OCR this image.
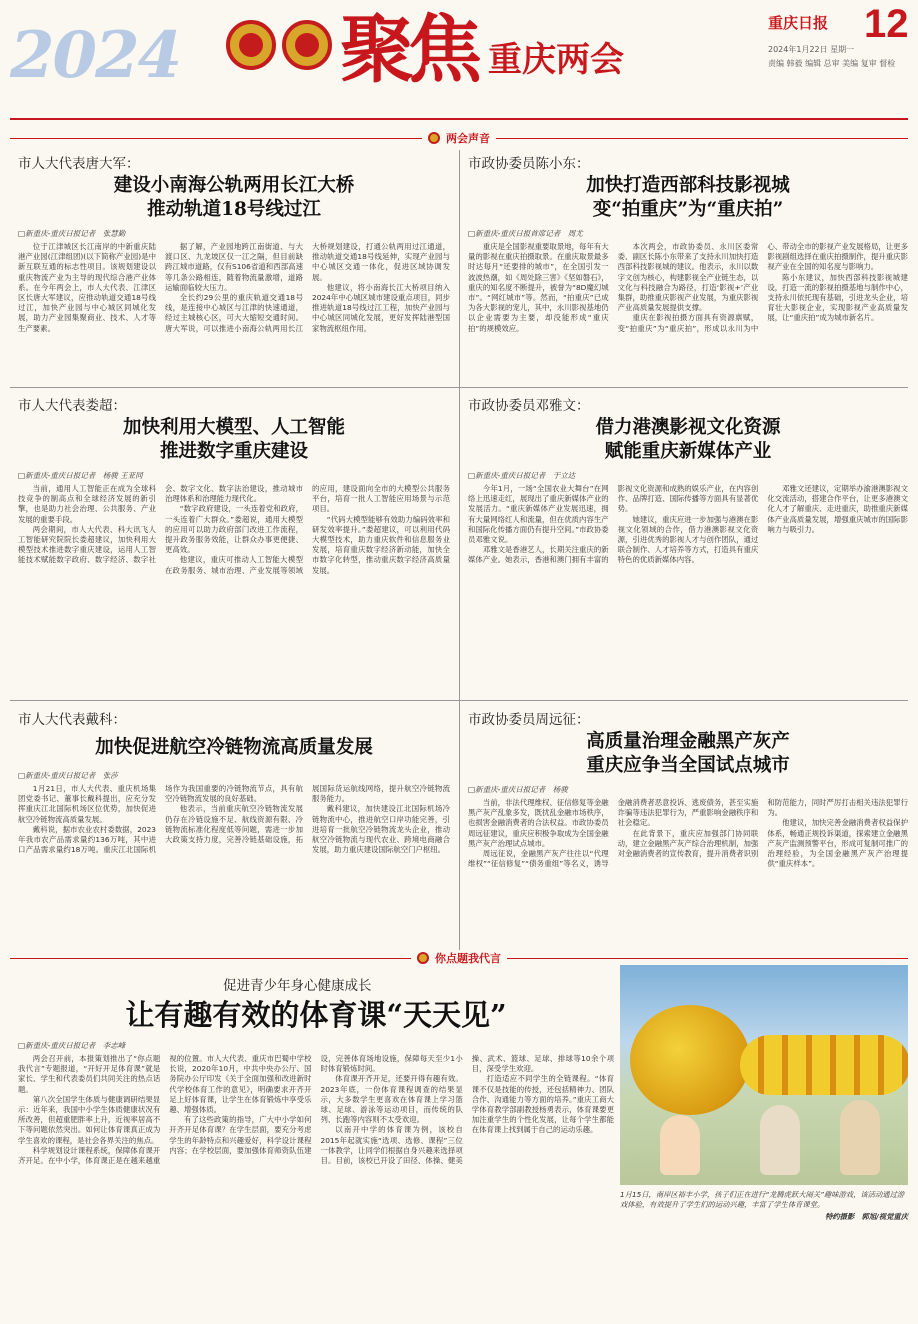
2024 聚焦 重庆两会
重庆日报 12
2024年1月22日 星期一
责编 韩毅 编辑 总审 美编 复审 督检
两会声音
市人大代表唐大军：
建设小南海公轨两用长江大桥
推动轨道18号线过江
□新重庆-重庆日报记者　张慧勤

位于江津城区长江南岸的中新重庆陆港产业园(江津组团)(以下简称产业园)是中新互联互通的标志性项目。该规划建设以重庆物流产业为主导的现代综合港产业体系。在今年两会上，市人大代表、江津区区长唐大军建议，应推动轨道交通18号线过江，加快产业园与中心城区同城化发展，助力产业园集聚商业、技术、人才等生产要素。

据了解，产业园地跨江南街道、与大渡口区、九龙坡区仅一江之隔，但目前缺跨江城市道路，仅有S106省道和西部高速等几条公路相连，随着物流量激增，道路运输面临较大压力。

全长约29公里的重庆轨道交通18号线，是连接中心城区与江津的快速通道，经过主城核心区，可大大缩短交通时间。唐大军说，可以推进小南海公轨两用长江大桥规划建设，打通公轨两用过江通道，推动轨道交通18号线延伸，实现产业园与中心城区交通一体化，促进区域协调发展。

他建议，将小南海长江大桥项目纳入2024年中心城区城市建设重点项目，同步推进轨道18号线过江工程，加快产业园与中心城区同城化发展，更好发挥陆港型国家物流枢纽作用。

市政协委员陈小东：
加快打造西部科技影视城
变“拍重庆”为“重庆拍”
□新重庆-重庆日报首席记者　周尤

重庆是全国影视重要取景地，每年有大量的影视在重庆拍摄取景。在重庆取景最多时达每月“还要排的城市”，在全国引发一波波热潮，如《周处除三害》《坚如磐石》，重庆的知名度不断提升，被誉为“8D魔幻城市”。“网红城市”等。然而，“拍重庆”已成为各大影视的宠儿，其中，永川影视基地仍以企业需要为主要，却没能形成“重庆拍”的规模效应。

本次两会，市政协委员、永川区委常委、副区长陈小东带来了支持永川加快打造西部科技影视城的建议。他表示，永川以数字文创为核心，构建影视全产业链生态，以文化与科技融合为路径，打造‘影视+’产业集群，助推重庆影视产业发展，为重庆影视产业高质量发展提供支撑。

重庆在影视拍摄方面具有资源禀赋，变“拍重庆”为“重庆拍”，形成以永川为中心、带动全市的影视产业发展格局，让更多影视剧组选择在重庆拍摄制作，提升重庆影视产业在全国的知名度与影响力。

陈小东建议，加快西部科技影视城建设，打造一流的影视拍摄基地与制作中心，支持永川依托现有基础，引进龙头企业，培育壮大影视企业，实现影视产业高质量发展，让“重庆拍”成为城市新名片。

市人大代表娄超：
加快利用大模型、人工智能
推进数字重庆建设
□新重庆-重庆日报记者　杨骏 王亚同

当前，通用人工智能正在成为全球科技竞争的制高点和全球经济发展的新引擎，也是助力社会治理、公共服务、产业发展的重要手段。

两会期间，市人大代表、科大讯飞人工智能研究院院长娄超建议，加快利用大模型技术推进数字重庆建设，运用人工智能技术赋能数字政府、数字经济、数字社会、数字文化、数字法治建设，推动城市治理体系和治理能力现代化。

“数字政府建设，一头连着党和政府，一头连着广大群众。”娄超说，通用大模型的应用可以助力政府部门改进工作流程，提升政务服务效能，让群众办事更便捷、更高效。

他建议，重庆可推动人工智能大模型在政务服务、城市治理、产业发展等领域的应用，建设面向全市的大模型公共服务平台，培育一批人工智能应用场景与示范项目。

“代码大模型能够有效助力编码效率和研发效率提升。”娄超建议，可以利用代码大模型技术，助力重庆软件和信息服务业发展，培育重庆数字经济新动能，加快全市数字化转型，推动重庆数字经济高质量发展。

市政协委员邓雅文：
借力港澳影视文化资源
赋能重庆新媒体产业
□新重庆-重庆日报记者　于立达

今年1月，一场“全国农业大舞台”在网络上迅速走红，展现出了重庆新媒体产业的发展活力。“重庆新媒体产业发展迅速，拥有大量网络红人和流量，但在优质内容生产和国际化传播方面仍有提升空间。”市政协委员邓雅文说。

邓雅文是香港艺人，长期关注重庆的新媒体产业。她表示，香港和澳门拥有丰富的影视文化资源和成熟的娱乐产业，在内容创作、品牌打造、国际传播等方面具有显著优势。

她建议，重庆应进一步加强与港澳在影视文化领域的合作，借力港澳影视文化资源，引进优秀的影视人才与创作团队，通过联合制作、人才培养等方式，打造具有重庆特色的优质新媒体内容。

邓雅文还建议，定期举办渝港澳影视文化交流活动，搭建合作平台，让更多港澳文化人才了解重庆、走进重庆，助推重庆新媒体产业高质量发展，增强重庆城市的国际影响力与吸引力。

市人大代表戴科：
加快促进航空冷链物流高质量发展
□新重庆-重庆日报记者　张莎

1月21日，市人大代表、重庆机场集团党委书记、董事长戴科提出，应充分发挥重庆江北国际机场区位优势，加快促进航空冷链物流高质量发展。

戴科说，据市农业农村委数据，2023年我市农产品需求量约136万吨，其中进口产品需求量约18万吨。重庆江北国际机场作为我国重要的冷链物流节点，具有航空冷链物流发展的良好基础。

他表示，当前重庆航空冷链物流发展仍存在冷链设施不足、航线资源有限、冷链物流标准化程度低等问题，需进一步加大政策支持力度，完善冷链基础设施，拓展国际货运航线网络，提升航空冷链物流服务能力。

戴科建议，加快建设江北国际机场冷链物流中心，推进航空口岸功能完善，引进培育一批航空冷链物流龙头企业，推动航空冷链物流与现代农业、跨境电商融合发展，助力重庆建设国际航空门户枢纽。

市政协委员周远征：
高质量治理金融黑产灰产
重庆应争当全国试点城市
□新重庆-重庆日报记者　杨骏

当前，非法代理维权、征信修复等金融黑产灰产乱象多发，既扰乱金融市场秩序，也损害金融消费者的合法权益。市政协委员周远征建议，重庆应积极争取成为全国金融黑产灰产治理试点城市。

周远征说，金融黑产灰产往往以“代理维权”“征信修复”“债务重组”等名义，诱导金融消费者恶意投诉、逃废债务，甚至实施诈骗等违法犯罪行为，严重影响金融秩序和社会稳定。

在此背景下，重庆应加强部门协同联动，建立金融黑产灰产综合治理机制，加强对金融消费者的宣传教育，提升消费者识别和防范能力，同时严厉打击相关违法犯罪行为。

他建议，加快完善金融消费者权益保护体系，畅通正规投诉渠道，探索建立金融黑产灰产监测预警平台，形成可复制可推广的治理经验，为全国金融黑产灰产治理提供“重庆样本”。

你点题我代言
促进青少年身心健康成长
让有趣有效的体育课“天天见”
□新重庆-重庆日报记者　李志峰

两会召开前，本报策划推出了“你点题我代言”专题报道，“开好开足体育课”就是家长、学生和代表委员们共同关注的热点话题。

第八次全国学生体质与健康调研结果显示：近年来，我国中小学生体质健康状况有所改善，但超重肥胖率上升，近视率居高不下等问题依然突出。如何让体育课真正成为学生喜欢的课程，是社会各界关注的焦点。

科学规划设计课程系统，保障体育课开齐开足。在中小学，体育课正是在越来越重视的位置。市人大代表、重庆市巴蜀中学校长说，2020年10月，中共中央办公厅、国务院办公厅印发《关于全面加强和改进新时代学校体育工作的意见》，明确要求开齐开足上好体育课，让学生在体育锻炼中享受乐趣、增强体质。

有了这些政策的指导，广大中小学如何开齐开足体育课？在学生层面，要充分考虑学生的年龄特点和兴趣爱好，科学设计课程内容；在学校层面，要加强体育师资队伍建设，完善体育场地设施，保障每天至少1小时体育锻炼时间。

体育课开齐开足，还要开得有趣有效。2023年底，一份体育课程调查的结果显示，大多数学生更喜欢在体育课上学习篮球、足球、游泳等运动项目，而传统的队列、长跑等内容则不太受欢迎。

以南开中学的体育课为例，该校自2015年起就实施“选项、选修、课程”三位一体教学，让同学们根据自身兴趣来选择项目。目前，该校已开设了田径、体操、健美操、武术、篮球、足球、排球等10余个项目，深受学生欢迎。

打造适应不同学生的全链课程。“体育课不仅是技能的传授，还包括精神力、团队合作、沟通能力等方面的培养。”重庆工商大学体育教学部副教授杨勇表示，体育课要更加注重学生的个性化发展，让每个学生都能在体育课上找到属于自己的运动乐趣。

1月15日，南岸区裕丰小学，孩子们正在进行“龙腾虎跃大闹关”趣味游戏，该活动通过游戏体验，有效提升了学生们的运动兴趣，丰富了学生体育课堂。
特约摄影　郭旭/视觉重庆
